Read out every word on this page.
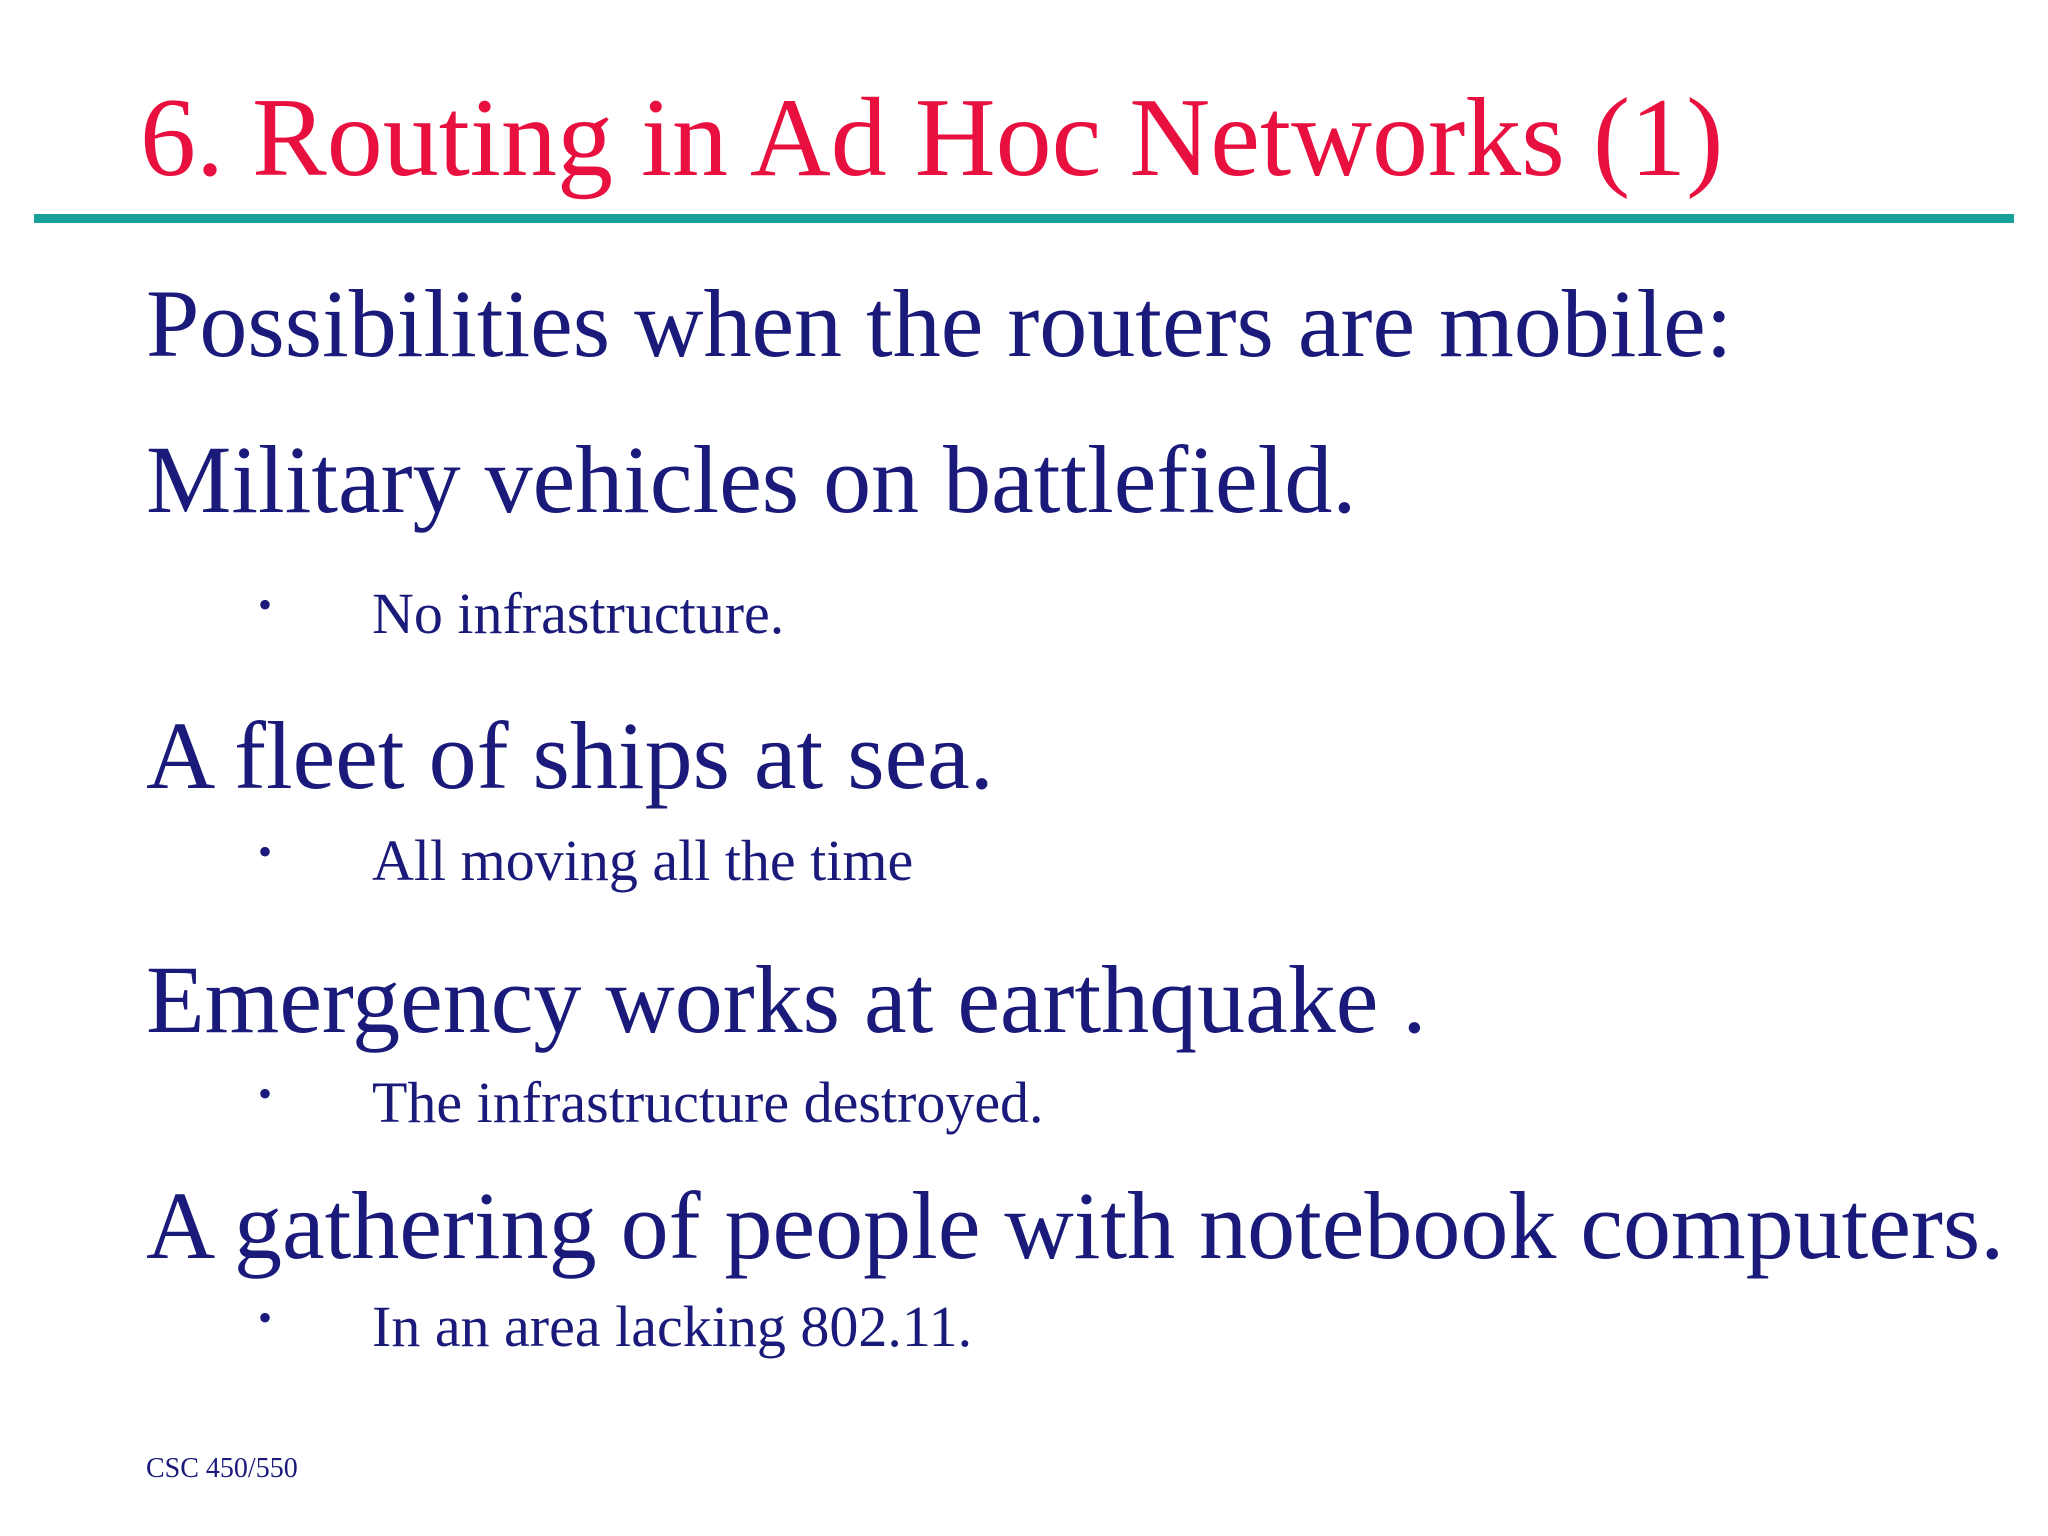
6. Routing in Ad Hoc Networks (1)
Possibilities when the routers are mobile:
Military vehicles on battlefield.
• No infrastructure.
A fleet of ships at sea.
• All moving all the time
Emergency works at earthquake .
• The infrastructure destroyed.
A gathering of people with notebook computers.
• In an area lacking 802.11.
CSC 450/550
